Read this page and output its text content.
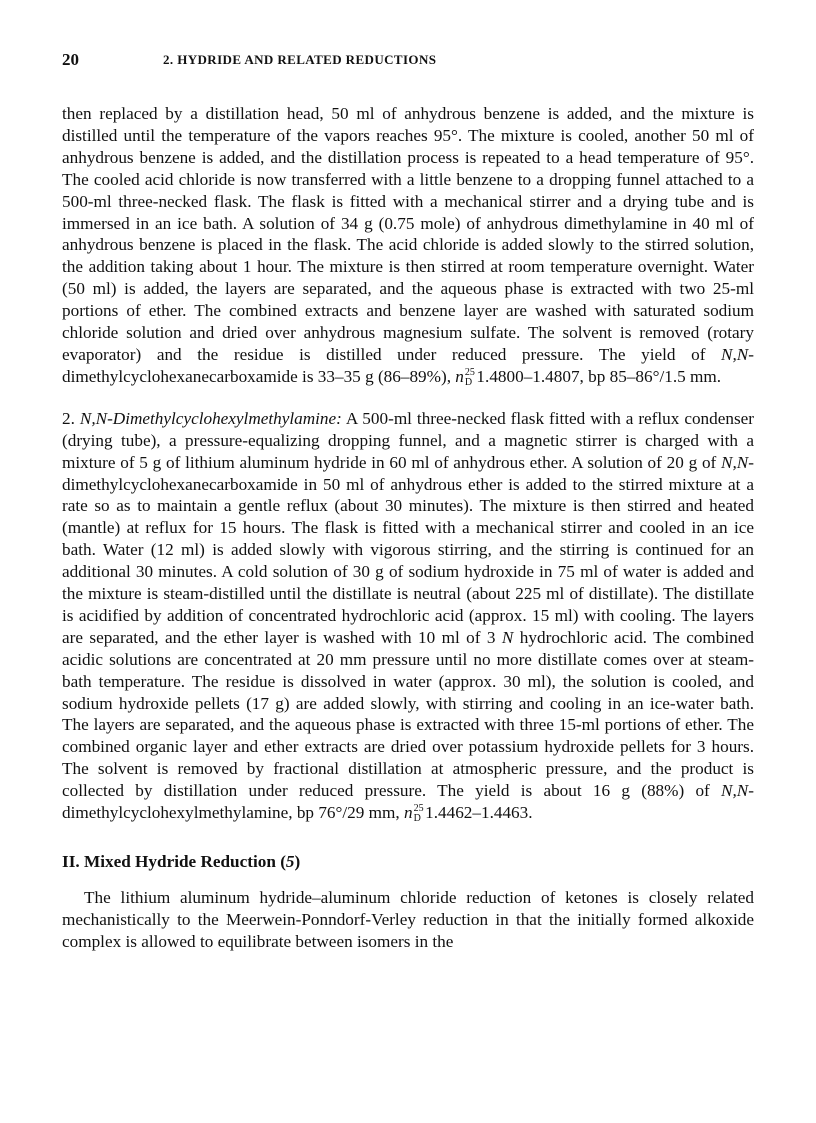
20	2. HYDRIDE AND RELATED REDUCTIONS

then replaced by a distillation head, 50 ml of anhydrous benzene is added, and the mixture is distilled until the temperature of the vapors reaches 95°. The mixture is cooled, another 50 ml of anhydrous benzene is added, and the distillation process is repeated to a head temperature of 95°. The cooled acid chloride is now transferred with a little benzene to a dropping funnel attached to a 500-ml three-necked flask. The flask is fitted with a mechanical stirrer and a drying tube and is immersed in an ice bath. A solution of 34 g (0.75 mole) of anhydrous dimethylamine in 40 ml of anhydrous benzene is placed in the flask. The acid chloride is added slowly to the stirred solution, the addition taking about 1 hour. The mixture is then stirred at room temperature overnight. Water (50 ml) is added, the layers are separated, and the aqueous phase is extracted with two 25-ml portions of ether. The combined extracts and benzene layer are washed with saturated sodium chloride solution and dried over anhydrous magnesium sulfate. The solvent is removed (rotary evaporator) and the residue is distilled under reduced pressure. The yield of N,N-dimethylcyclohexanecarboxamide is 33–35 g (86–89%), $n^{25}D$ 1.4800–1.4807, bp 85–86°/1.5 mm.

2. N,N-Dimethylcyclohexylmethylamine: A 500-ml three-necked flask fitted with a reflux condenser (drying tube), a pressure-equalizing dropping funnel, and a magnetic stirrer is charged with a mixture of 5 g of lithium aluminum hydride in 60 ml of anhydrous ether. A solution of 20 g of N,N-dimethylcyclohexanecarboxamide in 50 ml of anhydrous ether is added to the stirred mixture at a rate so as to maintain a gentle reflux (about 30 minutes). The mixture is then stirred and heated (mantle) at reflux for 15 hours. The flask is fitted with a mechanical stirrer and cooled in an ice bath. Water (12 ml) is added slowly with vigorous stirring, and the stirring is continued for an additional 30 minutes. A cold solution of 30 g of sodium hydroxide in 75 ml of water is added and the mixture is steam-distilled until the distillate is neutral (about 225 ml of distillate). The distillate is acidified by addition of concentrated hydrochloric acid (approx. 15 ml) with cooling. The layers are separated, and the ether layer is washed with 10 ml of 3 N hydrochloric acid. The combined acidic solutions are concentrated at 20 mm pressure until no more distillate comes over at steam-bath temperature. The residue is dissolved in water (approx. 30 ml), the solution is cooled, and sodium hydroxide pellets (17 g) are added slowly, with stirring and cooling in an ice-water bath. The layers are separated, and the aqueous phase is extracted with three 15-ml portions of ether. The combined organic layer and ether extracts are dried over potassium hydroxide pellets for 3 hours. The solvent is removed by fractional distillation at atmospheric pressure, and the product is collected by distillation under reduced pressure. The yield is about 16 g (88%) of N,N-dimethylcyclohexylmethylamine, bp 76°/29 mm, $n^{25}D$ 1.4462–1.4463.

II. Mixed Hydride Reduction (5)

The lithium aluminum hydride–aluminum chloride reduction of ketones is closely related mechanistically to the Meerwein-Ponndorf-Verley reduction in that the initially formed alkoxide complex is allowed to equilibrate between isomers in the
